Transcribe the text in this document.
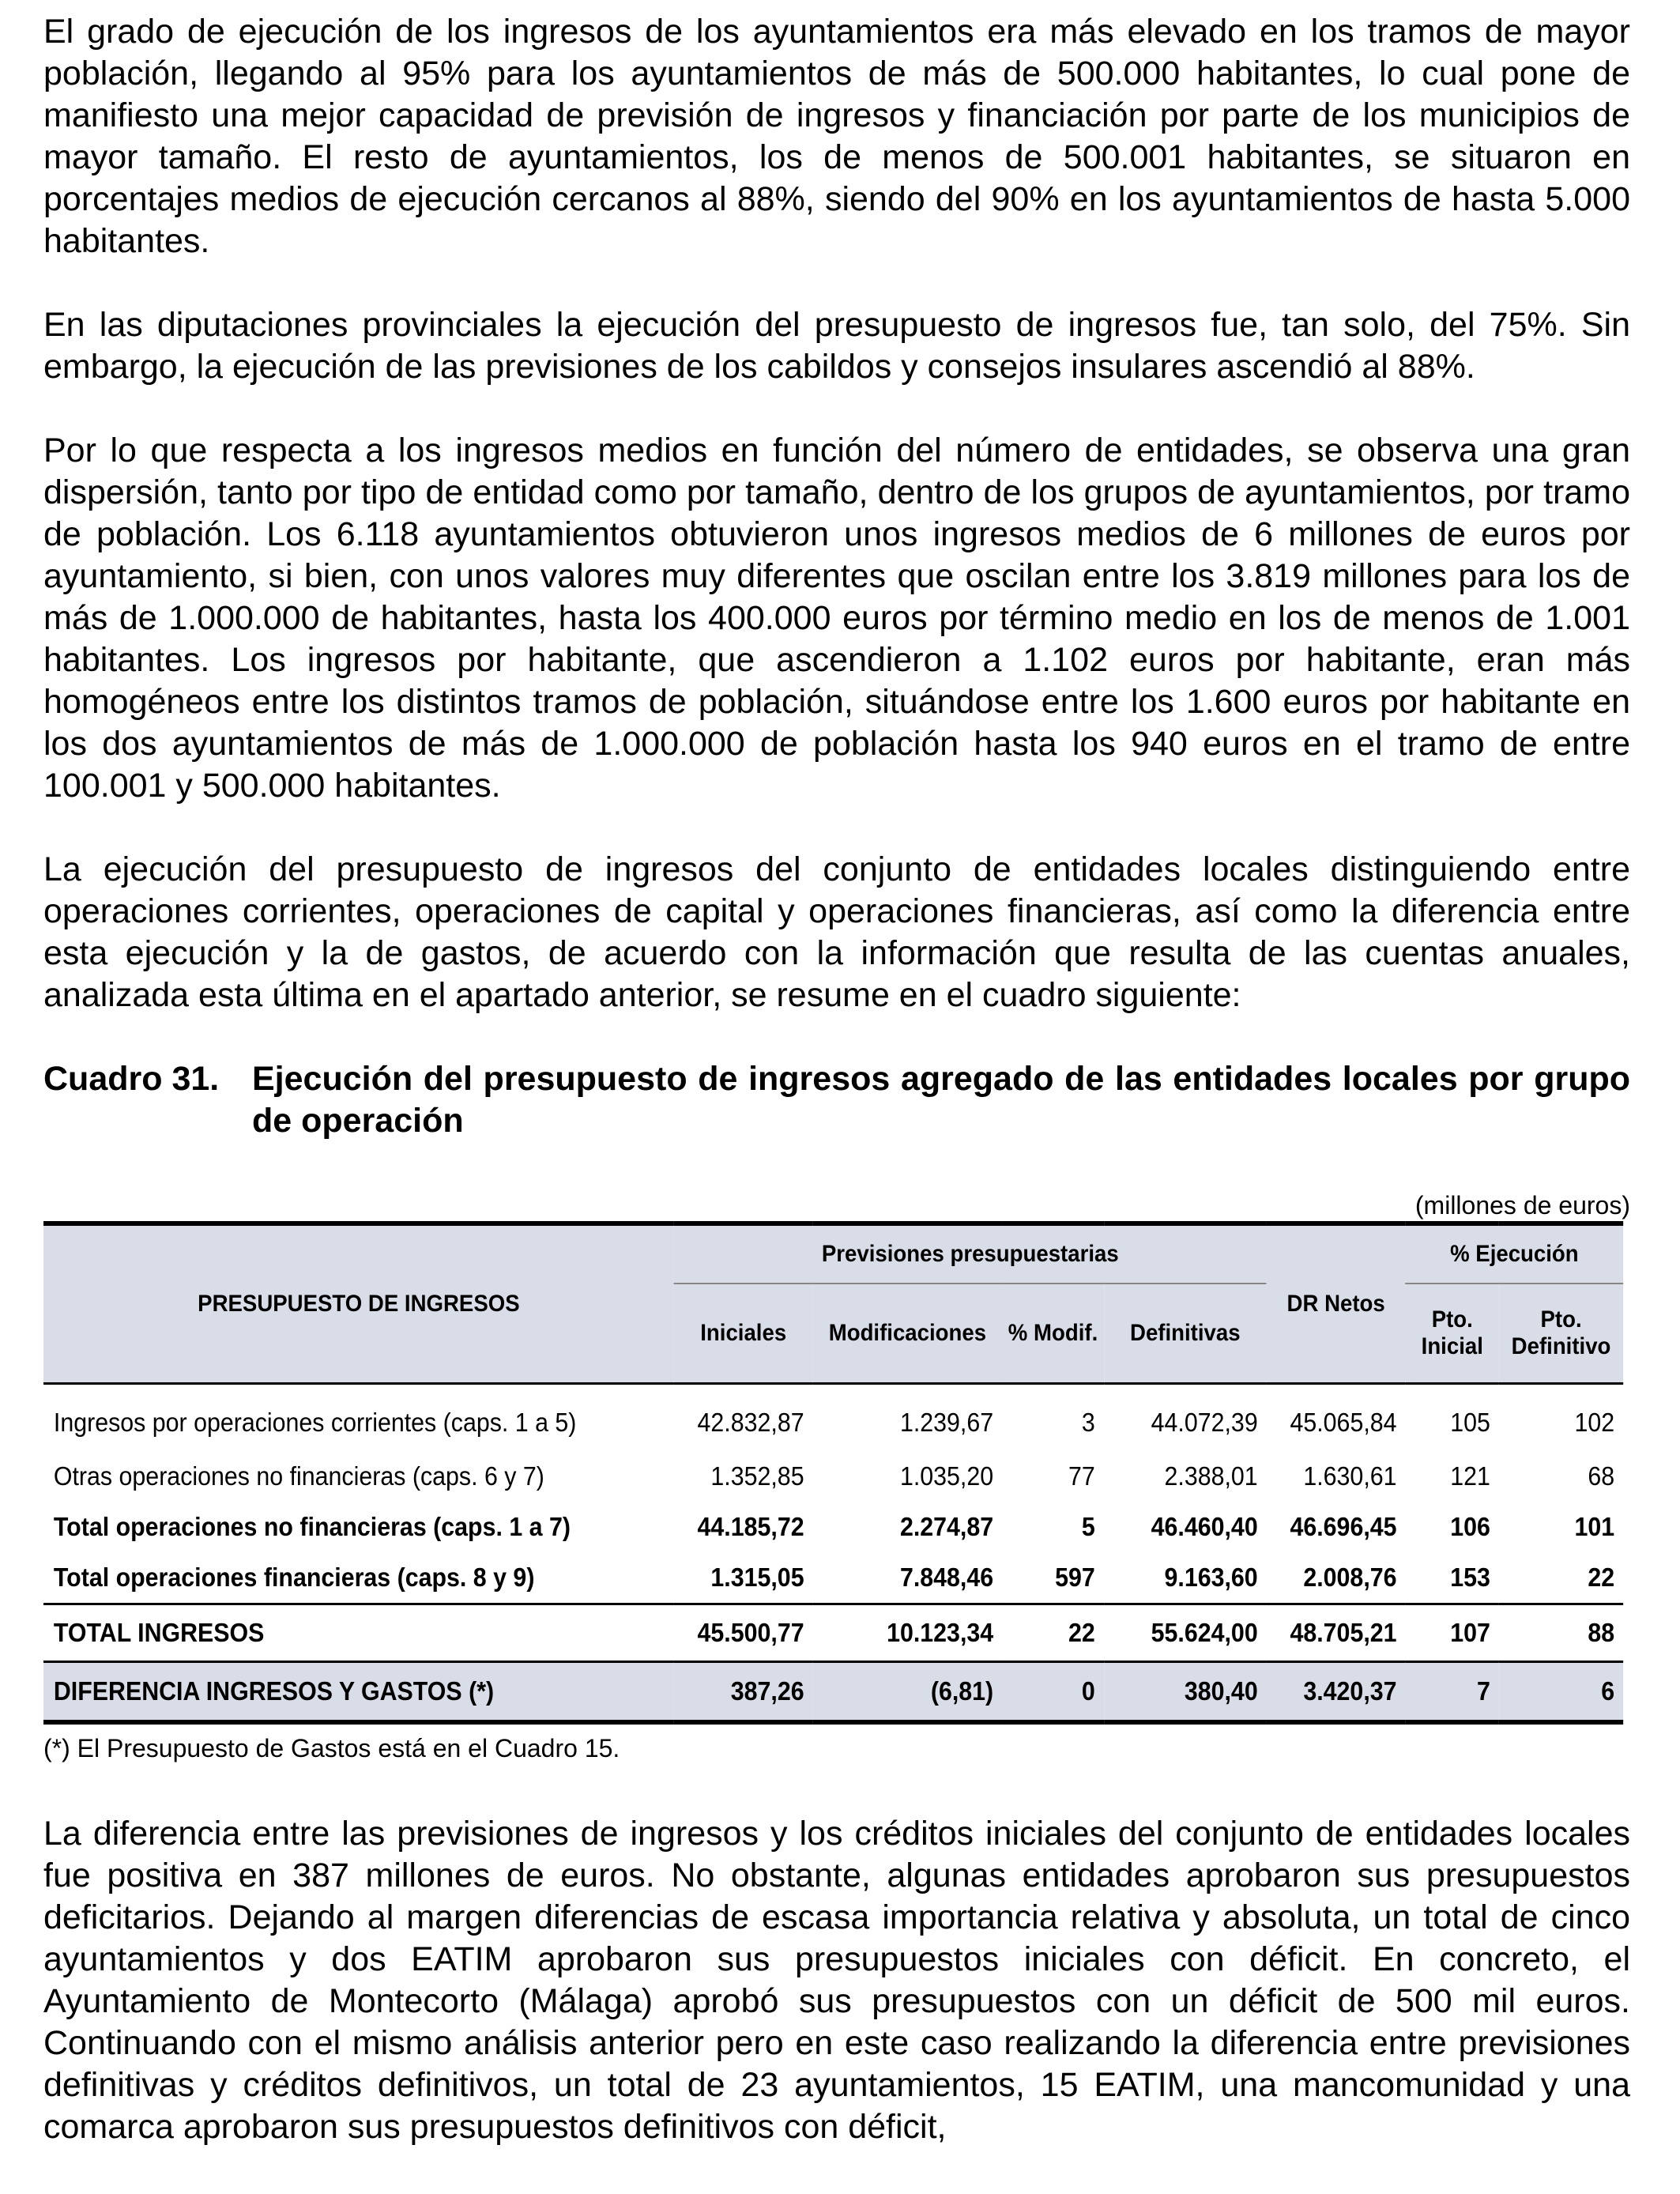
El grado de ejecución de los ingresos de los ayuntamientos era más elevado en los tramos de mayor población, llegando al 95% para los ayuntamientos de más de 500.000 habitantes, lo cual pone de manifiesto una mejor capacidad de previsión de ingresos y financiación por parte de los municipios de mayor tamaño. El resto de ayuntamientos, los de menos de 500.001 habitantes, se situaron en porcentajes medios de ejecución cercanos al 88%, siendo del 90% en los ayuntamientos de hasta 5.000 habitantes.

En las diputaciones provinciales la ejecución del presupuesto de ingresos fue, tan solo, del 75%. Sin embargo, la ejecución de las previsiones de los cabildos y consejos insulares ascendió al 88%.

Por lo que respecta a los ingresos medios en función del número de entidades, se observa una gran dispersión, tanto por tipo de entidad como por tamaño, dentro de los grupos de ayuntamientos, por tramo de población. Los 6.118 ayuntamientos obtuvieron unos ingresos medios de 6 millones de euros por ayuntamiento, si bien, con unos valores muy diferentes que oscilan entre los 3.819 millones para los de más de 1.000.000 de habitantes, hasta los 400.000 euros por término medio en los de menos de 1.001 habitantes. Los ingresos por habitante, que ascendieron a 1.102 euros por habitante, eran más homogéneos entre los distintos tramos de población, situándose entre los 1.600 euros por habitante en los dos ayuntamientos de más de 1.000.000 de población hasta los 940 euros en el tramo de entre 100.001 y 500.000 habitantes.

La ejecución del presupuesto de ingresos del conjunto de entidades locales distinguiendo entre operaciones corrientes, operaciones de capital y operaciones financieras, así como la diferencia entre esta ejecución y la de gastos, de acuerdo con la información que resulta de las cuentas anuales, analizada esta última en el apartado anterior, se resume en el cuadro siguiente:

Cuadro 31. Ejecución del presupuesto de ingresos agregado de las entidades locales por grupo de operación
(millones de euros)
PRESUPUESTO DE INGRESOS	Previsiones presupuestarias				DR Netos	% Ejecución	
	Iniciales	Modificaciones	% Modif.	Definitivas		Pto. Inicial	Pto. Definitivo
Ingresos por operaciones corrientes (caps. 1 a 5)	42.832,87	1.239,67	3	44.072,39	45.065,84	105	102
Otras operaciones no financieras (caps. 6 y 7)	1.352,85	1.035,20	77	2.388,01	1.630,61	121	68
Total operaciones no financieras (caps. 1 a 7)	44.185,72	2.274,87	5	46.460,40	46.696,45	106	101
Total operaciones financieras (caps. 8 y 9)	1.315,05	7.848,46	597	9.163,60	2.008,76	153	22
TOTAL INGRESOS	45.500,77	10.123,34	22	55.624,00	48.705,21	107	88
DIFERENCIA INGRESOS Y GASTOS (*)	387,26	(6,81)	0	380,40	3.420,37	7	6
(*) El Presupuesto de Gastos está en el Cuadro 15.

La diferencia entre las previsiones de ingresos y los créditos iniciales del conjunto de entidades locales fue positiva en 387 millones de euros. No obstante, algunas entidades aprobaron sus presupuestos deficitarios. Dejando al margen diferencias de escasa importancia relativa y absoluta, un total de cinco ayuntamientos y dos EATIM aprobaron sus presupuestos iniciales con déficit. En concreto, el Ayuntamiento de Montecorto (Málaga) aprobó sus presupuestos con un déficit de 500 mil euros. Continuando con el mismo análisis anterior pero en este caso realizando la diferencia entre previsiones definitivas y créditos definitivos, un total de 23 ayuntamientos, 15 EATIM, una mancomunidad y una comarca aprobaron sus presupuestos definitivos con déficit,
